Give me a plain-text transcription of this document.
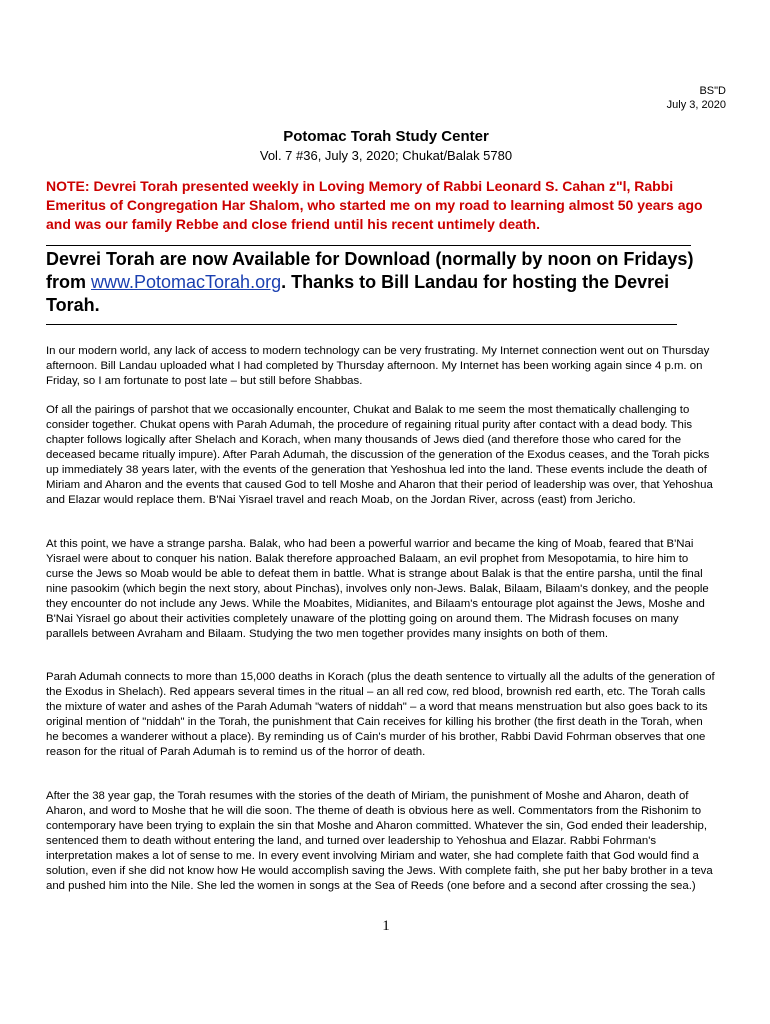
BS"D
July 3, 2020
Potomac Torah Study Center
Vol. 7 #36, July 3, 2020; Chukat/Balak 5780
NOTE: Devrei Torah presented weekly in Loving Memory of Rabbi Leonard S. Cahan z"l, Rabbi Emeritus of Congregation Har Shalom, who started me on my road to learning almost 50 years ago and was our family Rebbe and close friend until his recent untimely death.
Devrei Torah are now Available for Download (normally by noon on Fridays) from www.PotomacTorah.org. Thanks to Bill Landau for hosting the Devrei Torah.

In our modern world, any lack of access to modern technology can be very frustrating. My Internet connection went out on Thursday afternoon. Bill Landau uploaded what I had completed by Thursday afternoon. My Internet has been working again since 4 p.m. on Friday, so I am fortunate to post late – but still before Shabbas.

Of all the pairings of parshot that we occasionally encounter, Chukat and Balak to me seem the most thematically challenging to consider together. Chukat opens with Parah Adumah, the procedure of regaining ritual purity after contact with a dead body. This chapter follows logically after Shelach and Korach, when many thousands of Jews died (and therefore those who cared for the deceased became ritually impure). After Parah Adumah, the discussion of the generation of the Exodus ceases, and the Torah picks up immediately 38 years later, with the events of the generation that Yeshoshua led into the land. These events include the death of Miriam and Aharon and the events that caused God to tell Moshe and Aharon that their period of leadership was over, that Yehoshua and Elazar would replace them. B'Nai Yisrael travel and reach Moab, on the Jordan River, across (east) from Jericho.

At this point, we have a strange parsha. Balak, who had been a powerful warrior and became the king of Moab, feared that B'Nai Yisrael were about to conquer his nation. Balak therefore approached Balaam, an evil prophet from Mesopotamia, to hire him to curse the Jews so Moab would be able to defeat them in battle. What is strange about Balak is that the entire parsha, until the final nine pasookim (which begin the next story, about Pinchas), involves only non-Jews. Balak, Bilaam, Bilaam's donkey, and the people they encounter do not include any Jews. While the Moabites, Midianites, and Bilaam's entourage plot against the Jews, Moshe and B'Nai Yisrael go about their activities completely unaware of the plotting going on around them. The Midrash focuses on many parallels between Avraham and Bilaam. Studying the two men together provides many insights on both of them.

Parah Adumah connects to more than 15,000 deaths in Korach (plus the death sentence to virtually all the adults of the generation of the Exodus in Shelach). Red appears several times in the ritual – an all red cow, red blood, brownish red earth, etc. The Torah calls the mixture of water and ashes of the Parah Adumah "waters of niddah" – a word that means menstruation but also goes back to its original mention of "niddah" in the Torah, the punishment that Cain receives for killing his brother (the first death in the Torah, when he becomes a wanderer without a place). By reminding us of Cain's murder of his brother, Rabbi David Fohrman observes that one reason for the ritual of Parah Adumah is to remind us of the horror of death.

After the 38 year gap, the Torah resumes with the stories of the death of Miriam, the punishment of Moshe and Aharon, death of Aharon, and word to Moshe that he will die soon. The theme of death is obvious here as well. Commentators from the Rishonim to contemporary have been trying to explain the sin that Moshe and Aharon committed. Whatever the sin, God ended their leadership, sentenced them to death without entering the land, and turned over leadership to Yehoshua and Elazar. Rabbi Fohrman's interpretation makes a lot of sense to me. In every event involving Miriam and water, she had complete faith that God would find a solution, even if she did not know how He would accomplish saving the Jews. With complete faith, she put her baby brother in a teva and pushed him into the Nile. She led the women in songs at the Sea of Reeds (one before and a second after crossing the sea.)

1
